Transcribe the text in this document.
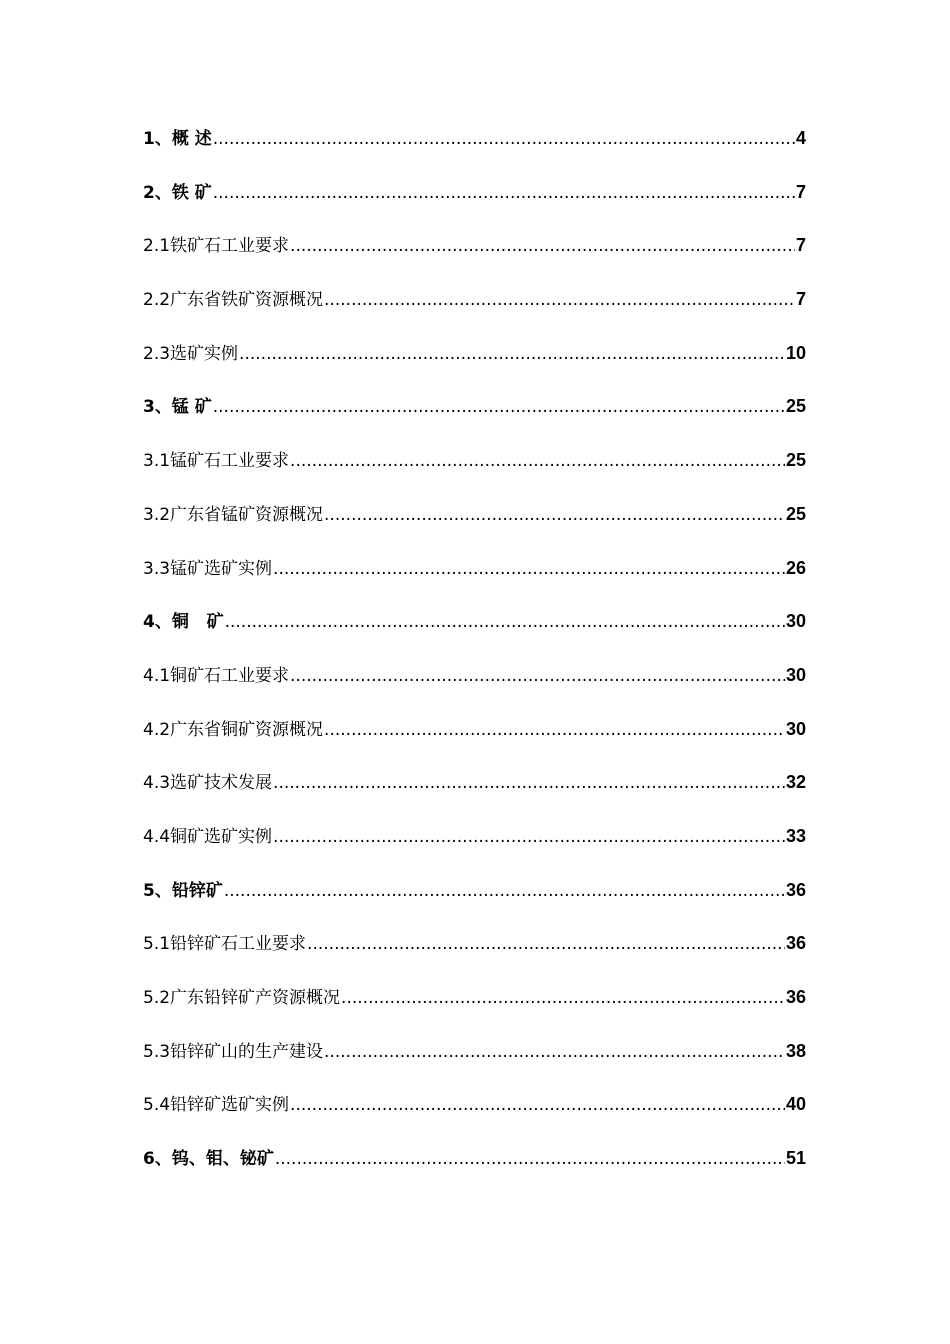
1、概 述 .....	4
2、铁 矿 .....	7
2.1铁矿石工业要求 .....	7
2.2广东省铁矿资源概况 .....	7
2.3选矿实例 .....	10
3、锰 矿 .....	25
3.1锰矿石工业要求 .....	25
3.2广东省锰矿资源概况 .....	25
3.3锰矿选矿实例 .....	26
4、铜   矿 .....	30
4.1铜矿石工业要求 .....	30
4.2广东省铜矿资源概况 .....	30
4.3选矿技术发展 .....	32
4.4铜矿选矿实例 .....	33
5、铅锌矿 .....	36
5.1铅锌矿石工业要求 .....	36
5.2广东铅锌矿产资源概况 .....	36
5.3铅锌矿山的生产建设 .....	38
5.4铅锌矿选矿实例 .....	40
6、钨、钼、铋矿 .....	51
